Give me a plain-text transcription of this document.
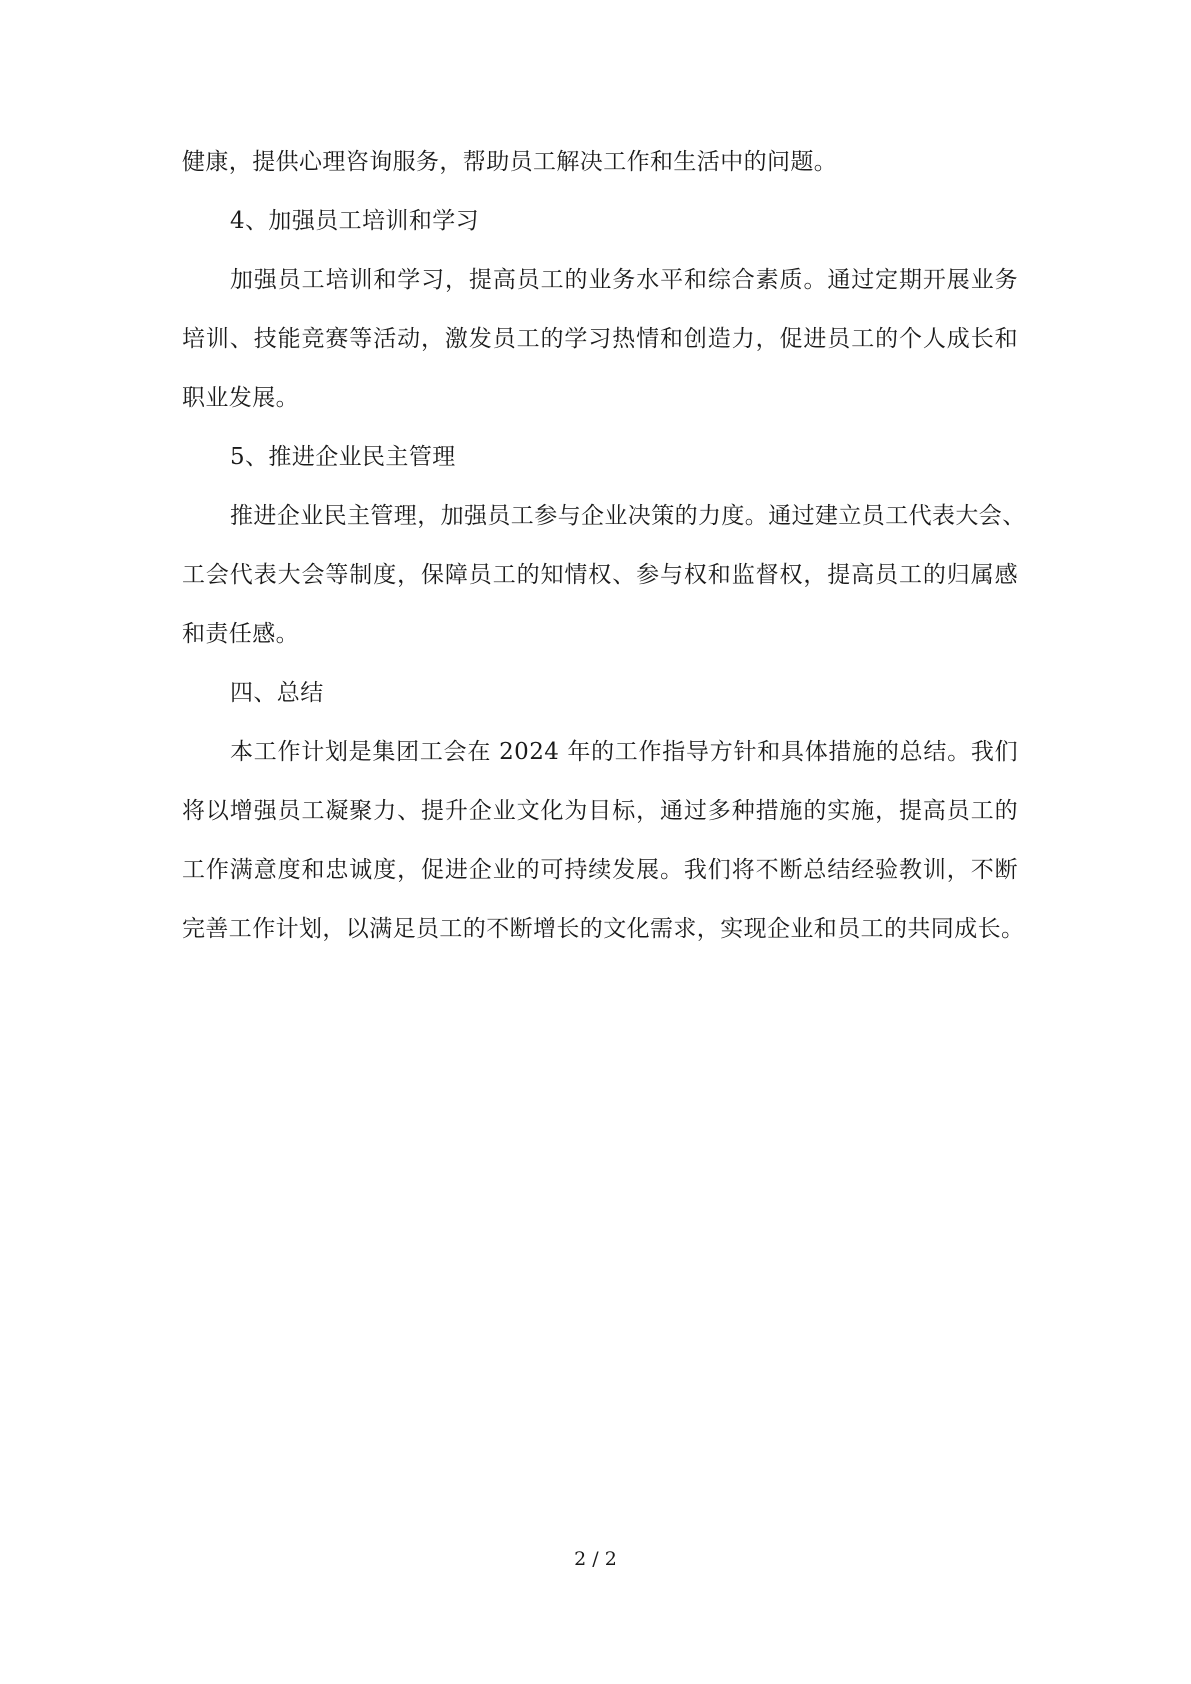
健康，提供心理咨询服务，帮助员工解决工作和生活中的问题。
4、加强员工培训和学习
加强员工培训和学习，提高员工的业务水平和综合素质。通过定期开展业务
培训、技能竞赛等活动，激发员工的学习热情和创造力，促进员工的个人成长和
职业发展。
5、推进企业民主管理
推进企业民主管理，加强员工参与企业决策的力度。通过建立员工代表大会、
工会代表大会等制度，保障员工的知情权、参与权和监督权，提高员工的归属感
和责任感。
四、总结
本工作计划是集团工会在 2024 年的工作指导方针和具体措施的总结。我们
将以增强员工凝聚力、提升企业文化为目标，通过多种措施的实施，提高员工的
工作满意度和忠诚度，促进企业的可持续发展。我们将不断总结经验教训，不断
完善工作计划，以满足员工的不断增长的文化需求，实现企业和员工的共同成长。
2 / 2
